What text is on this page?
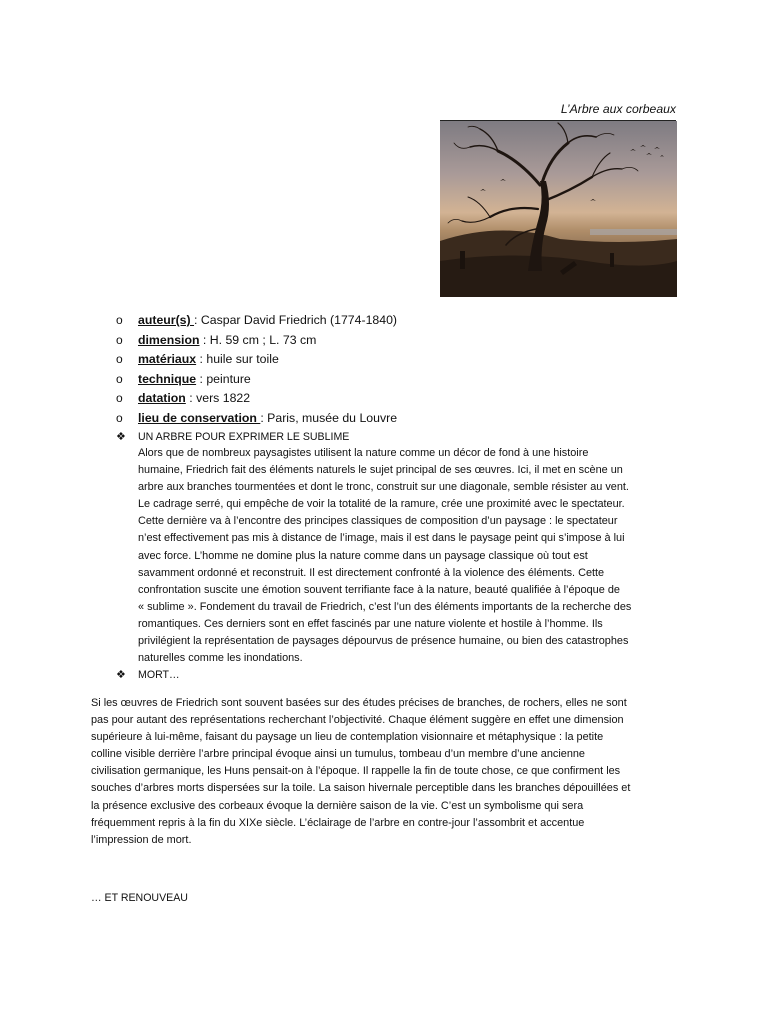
L’Arbre aux corbeaux
o auteur(s) : Caspar David Friedrich (1774-1840)
o dimension : H. 59 cm ; L. 73 cm
o matériaux : huile sur toile
o technique : peinture
o datation : vers 1822
o lieu de conservation : Paris, musée du Louvre
❖ UN ARBRE POUR EXPRIMER LE SUBLIME

Alors que de nombreux paysagistes utilisent la nature comme un décor de fond à une histoire
humaine, Friedrich fait des éléments naturels le sujet principal de ses œuvres. Ici, il met en scène un
arbre aux branches tourmentées et dont le tronc, construit sur une diagonale, semble résister au vent.
Le cadrage serré, qui empêche de voir la totalité de la ramure, crée une proximité avec le spectateur.
Cette dernière va à l’encontre des principes classiques de composition d’un paysage : le spectateur
n’est effectivement pas mis à distance de l’image, mais il est dans le paysage peint qui s’impose à lui
avec force. L’homme ne domine plus la nature comme dans un paysage classique où tout est
savamment ordonné et reconstruit. Il est directement confronté à la violence des éléments. Cette
confrontation suscite une émotion souvent terrifiante face à la nature, beauté qualifiée à l’époque de
« sublime ». Fondement du travail de Friedrich, c’est l’un des éléments importants de la recherche des
romantiques. Ces derniers sont en effet fascinés par une nature violente et hostile à l’homme. Ils
privilégient la représentation de paysages dépourvus de présence humaine, ou bien des catastrophes
naturelles comme les inondations.

❖ MORT…

Si les œuvres de Friedrich sont souvent basées sur des études précises de branches, de rochers, elles ne sont
pas pour autant des représentations recherchant l’objectivité. Chaque élément suggère en effet une dimension
supérieure à lui-même, faisant du paysage un lieu de contemplation visionnaire et métaphysique : la petite
colline visible derrière l’arbre principal évoque ainsi un tumulus, tombeau d’un membre d’une ancienne
civilisation germanique, les Huns pensait-on à l’époque. Il rappelle la fin de toute chose, ce que confirment les
souches d’arbres morts dispersées sur la toile. La saison hivernale perceptible dans les branches dépouillées et
la présence exclusive des corbeaux évoque la dernière saison de la vie. C’est un symbolisme qui sera
fréquemment repris à la fin du XIXe siècle. L’éclairage de l’arbre en contre-jour l’assombrit et accentue
l’impression de mort.

… ET RENOUVEAU
